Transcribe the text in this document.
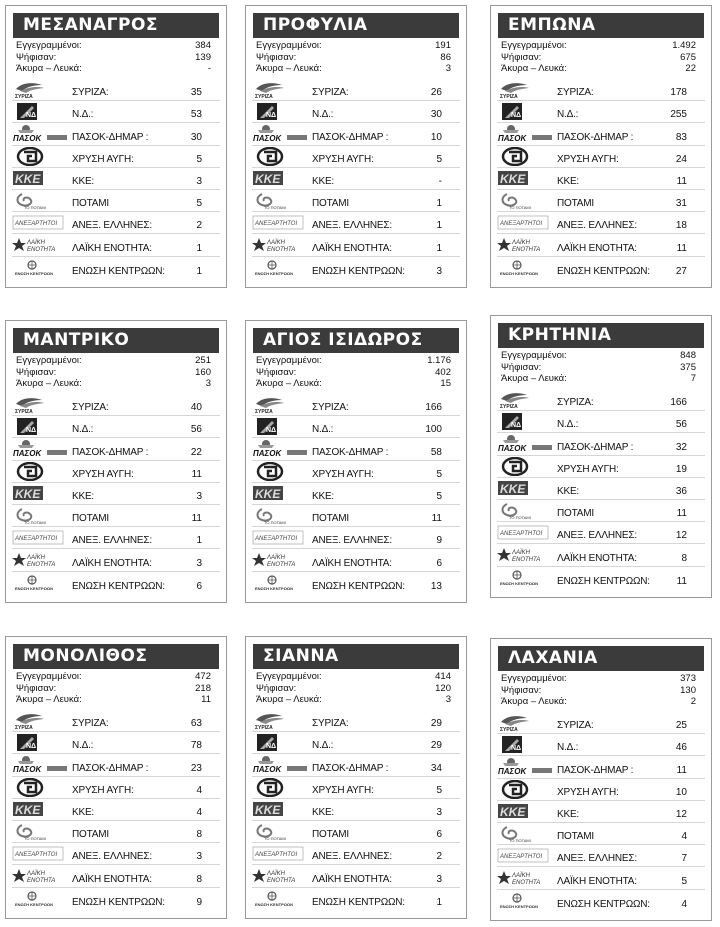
ΜΕΣΑΝΑΓΡΟΣ
Εγγεγραμμένοι:	384
Ψήφισαν:	139
Άκυρα – Λευκά:	-
ΣΥΡΙΖΑ	ΣΥΡΙΖΑ:	35
ΝΔ	Ν.Δ.:	53
ΠΑΣΟΚ	ΠΑΣΟΚ-ΔΗΜΑΡ :	30
ΧΡΥΣΗ ΑΥΓΗ:	5
ΚΚΕ	ΚΚΕ:	3
ΤΟ ΠΟΤΑΜΙ	ΠΟΤΑΜΙ	5
ΑΝΕΞΑΡΤΗΤΟΙ ΑΝΕΞ. ΕΛΛΗΝΕΣ:	2
ΛΑΪΚΗ
ΕΝΟΤΗΤΑ ΛΑΪΚΗ ΕΝΟΤΗΤΑ:	1
ΕΝΩΣΗ ΚΕΝΤΡΩΩΝ ΕΝΩΣΗ ΚΕΝΤΡΩΩΝ:	1
ΠΡΟΦΥΛΙΑ
Εγγεγραμμένοι:	191
Ψήφισαν:	86
Άκυρα – Λευκά:	3
ΣΥΡΙΖΑ	ΣΥΡΙΖΑ:	26
ΝΔ	Ν.Δ.:	30
ΠΑΣΟΚ	ΠΑΣΟΚ-ΔΗΜΑΡ :	10
ΧΡΥΣΗ ΑΥΓΗ:	5
ΚΚΕ	ΚΚΕ:	-
ΤΟ ΠΟΤΑΜΙ	ΠΟΤΑΜΙ	1
ΑΝΕΞΑΡΤΗΤΟΙ ΑΝΕΞ. ΕΛΛΗΝΕΣ:	1
ΛΑΪΚΗ
ΕΝΟΤΗΤΑ ΛΑΪΚΗ ΕΝΟΤΗΤΑ:	1
ΕΝΩΣΗ ΚΕΝΤΡΩΩΝ ΕΝΩΣΗ ΚΕΝΤΡΩΩΝ:	3
ΕΜΠΩΝΑ
Εγγεγραμμένοι:	1.492
Ψήφισαν:	675
Άκυρα – Λευκά:	22
ΣΥΡΙΖΑ	ΣΥΡΙΖΑ:	178
ΝΔ	Ν.Δ.:	255
ΠΑΣΟΚ	ΠΑΣΟΚ-ΔΗΜΑΡ :	83
ΧΡΥΣΗ ΑΥΓΗ:	24
ΚΚΕ	ΚΚΕ:	11
ΤΟ ΠΟΤΑΜΙ	ΠΟΤΑΜΙ	31
ΑΝΕΞΑΡΤΗΤΟΙ ΑΝΕΞ. ΕΛΛΗΝΕΣ:	18
ΛΑΪΚΗ
ΕΝΟΤΗΤΑ ΛΑΪΚΗ ΕΝΟΤΗΤΑ:	11
ΕΝΩΣΗ ΚΕΝΤΡΩΩΝ ΕΝΩΣΗ ΚΕΝΤΡΩΩΝ:	27
ΜΑΝΤΡΙΚΟ
Εγγεγραμμένοι:	251
Ψήφισαν:	160
Άκυρα – Λευκά:	3
ΣΥΡΙΖΑ	ΣΥΡΙΖΑ:	40
ΝΔ	Ν.Δ.:	56
ΠΑΣΟΚ	ΠΑΣΟΚ-ΔΗΜΑΡ :	22
ΧΡΥΣΗ ΑΥΓΗ:	11
ΚΚΕ	ΚΚΕ:	3
ΤΟ ΠΟΤΑΜΙ	ΠΟΤΑΜΙ	11
ΑΝΕΞΑΡΤΗΤΟΙ ΑΝΕΞ. ΕΛΛΗΝΕΣ:	1
ΛΑΪΚΗ
ΕΝΟΤΗΤΑ ΛΑΪΚΗ ΕΝΟΤΗΤΑ:	3
ΕΝΩΣΗ ΚΕΝΤΡΩΩΝ ΕΝΩΣΗ ΚΕΝΤΡΩΩΝ:	6
ΑΓΙΟΣ ΙΣΙΔΩΡΟΣ
Εγγεγραμμένοι:	1.176
Ψήφισαν:	402
Άκυρα – Λευκά:	15
ΣΥΡΙΖΑ	ΣΥΡΙΖΑ:	166
ΝΔ	Ν.Δ.:	100
ΠΑΣΟΚ	ΠΑΣΟΚ-ΔΗΜΑΡ :	58
ΧΡΥΣΗ ΑΥΓΗ:	5
ΚΚΕ	ΚΚΕ:	5
ΤΟ ΠΟΤΑΜΙ	ΠΟΤΑΜΙ	11
ΑΝΕΞΑΡΤΗΤΟΙ ΑΝΕΞ. ΕΛΛΗΝΕΣ:	9
ΛΑΪΚΗ
ΕΝΟΤΗΤΑ ΛΑΪΚΗ ΕΝΟΤΗΤΑ:	6
ΕΝΩΣΗ ΚΕΝΤΡΩΩΝ ΕΝΩΣΗ ΚΕΝΤΡΩΩΝ:	13
ΚΡΗΤΗΝΙΑ
Εγγεγραμμένοι:	848
Ψήφισαν:	375
Άκυρα – Λευκά:	7
ΣΥΡΙΖΑ	ΣΥΡΙΖΑ:	166
ΝΔ	Ν.Δ.:	56
ΠΑΣΟΚ	ΠΑΣΟΚ-ΔΗΜΑΡ :	32
ΧΡΥΣΗ ΑΥΓΗ:	19
ΚΚΕ	ΚΚΕ:	36
ΤΟ ΠΟΤΑΜΙ	ΠΟΤΑΜΙ	11
ΑΝΕΞΑΡΤΗΤΟΙ ΑΝΕΞ. ΕΛΛΗΝΕΣ:	12
ΛΑΪΚΗ
ΕΝΟΤΗΤΑ ΛΑΪΚΗ ΕΝΟΤΗΤΑ:	8
ΕΝΩΣΗ ΚΕΝΤΡΩΩΝ ΕΝΩΣΗ ΚΕΝΤΡΩΩΝ:	11
ΜΟΝΟΛΙΘΟΣ
Εγγεγραμμένοι:	472
Ψήφισαν:	218
Άκυρα – Λευκά:	11
ΣΥΡΙΖΑ	ΣΥΡΙΖΑ:	63
ΝΔ	Ν.Δ.:	78
ΠΑΣΟΚ	ΠΑΣΟΚ-ΔΗΜΑΡ :	23
ΧΡΥΣΗ ΑΥΓΗ:	4
ΚΚΕ	ΚΚΕ:	4
ΤΟ ΠΟΤΑΜΙ	ΠΟΤΑΜΙ	8
ΑΝΕΞΑΡΤΗΤΟΙ ΑΝΕΞ. ΕΛΛΗΝΕΣ:	3
ΛΑΪΚΗ
ΕΝΟΤΗΤΑ ΛΑΪΚΗ ΕΝΟΤΗΤΑ:	8
ΕΝΩΣΗ ΚΕΝΤΡΩΩΝ ΕΝΩΣΗ ΚΕΝΤΡΩΩΝ:	9
ΣΙΑΝΝΑ
Εγγεγραμμένοι:	414
Ψήφισαν:	120
Άκυρα – Λευκά:	3
ΣΥΡΙΖΑ	ΣΥΡΙΖΑ:	29
ΝΔ	Ν.Δ.:	29
ΠΑΣΟΚ	ΠΑΣΟΚ-ΔΗΜΑΡ :	34
ΧΡΥΣΗ ΑΥΓΗ:	5
ΚΚΕ	ΚΚΕ:	3
ΤΟ ΠΟΤΑΜΙ	ΠΟΤΑΜΙ	6
ΑΝΕΞΑΡΤΗΤΟΙ ΑΝΕΞ. ΕΛΛΗΝΕΣ:	2
ΛΑΪΚΗ
ΕΝΟΤΗΤΑ ΛΑΪΚΗ ΕΝΟΤΗΤΑ:	3
ΕΝΩΣΗ ΚΕΝΤΡΩΩΝ ΕΝΩΣΗ ΚΕΝΤΡΩΩΝ:	1
ΛΑΧΑΝΙΑ
Εγγεγραμμένοι:	373
Ψήφισαν:	130
Άκυρα – Λευκά:	2
ΣΥΡΙΖΑ	ΣΥΡΙΖΑ:	25
ΝΔ	Ν.Δ.:	46
ΠΑΣΟΚ	ΠΑΣΟΚ-ΔΗΜΑΡ :	11
ΧΡΥΣΗ ΑΥΓΗ:	10
ΚΚΕ	ΚΚΕ:	12
ΤΟ ΠΟΤΑΜΙ	ΠΟΤΑΜΙ	4
ΑΝΕΞΑΡΤΗΤΟΙ ΑΝΕΞ. ΕΛΛΗΝΕΣ:	7
ΛΑΪΚΗ
ΕΝΟΤΗΤΑ ΛΑΪΚΗ ΕΝΟΤΗΤΑ:	5
ΕΝΩΣΗ ΚΕΝΤΡΩΩΝ ΕΝΩΣΗ ΚΕΝΤΡΩΩΝ:	4
